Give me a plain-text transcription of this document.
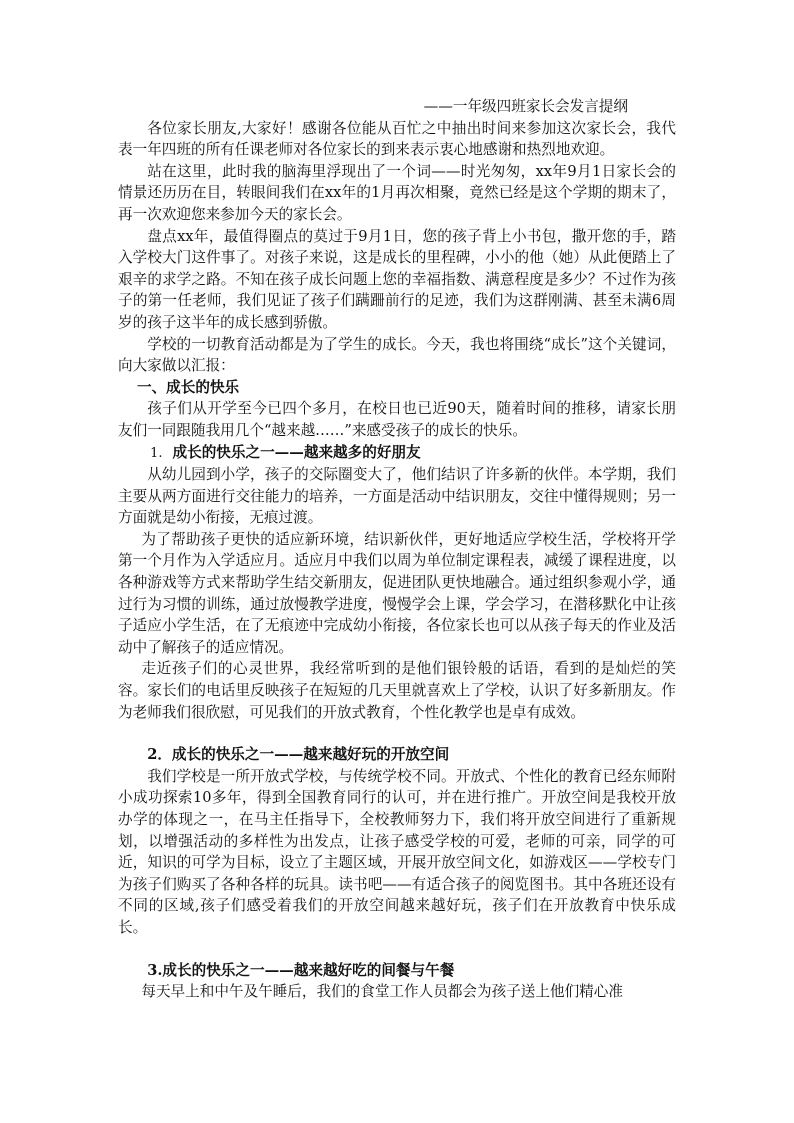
——一年级四班家长会发言提纲

各位家长朋友,大家好！感谢各位能从百忙之中抽出时间来参加这次家长会，我代表一年四班的所有任课老师对各位家长的到来表示衷心地感谢和热烈地欢迎。

站在这里，此时我的脑海里浮现出了一个词——时光匆匆，xx年9月1日家长会的情景还历历在目，转眼间我们在xx年的1月再次相聚，竟然已经是这个学期的期末了，再一次欢迎您来参加今天的家长会。

盘点xx年，最值得圈点的莫过于9月1日，您的孩子背上小书包，撒开您的手，踏入学校大门这件事了。对孩子来说，这是成长的里程碑，小小的他（她）从此便踏上了艰辛的求学之路。不知在孩子成长问题上您的幸福指数、满意程度是多少？不过作为孩子的第一任老师，我们见证了孩子们蹒跚前行的足迹，我们为这群刚满、甚至未满6周岁的孩子这半年的成长感到骄傲。

学校的一切教育活动都是为了学生的成长。今天，我也将围绕“成长”这个关键词，向大家做以汇报：

一、成长的快乐

孩子们从开学至今已四个多月，在校日也已近90天，随着时间的推移，请家长朋友们一同跟随我用几个“越来越……”来感受孩子的成长的快乐。

1. 成长的快乐之一——越来越多的好朋友

从幼儿园到小学，孩子的交际圈变大了，他们结识了许多新的伙伴。本学期，我们主要从两方面进行交往能力的培养，一方面是活动中结识朋友，交往中懂得规则；另一方面就是幼小衔接，无痕过渡。

为了帮助孩子更快的适应新环境，结识新伙伴，更好地适应学校生活，学校将开学第一个月作为入学适应月。适应月中我们以周为单位制定课程表，减缓了课程进度，以各种游戏等方式来帮助学生结交新朋友，促进团队更快地融合。通过组织参观小学，通过行为习惯的训练，通过放慢教学进度，慢慢学会上课，学会学习，在潜移默化中让孩子适应小学生活，在了无痕迹中完成幼小衔接，各位家长也可以从孩子每天的作业及活动中了解孩子的适应情况。

走近孩子们的心灵世界，我经常听到的是他们银铃般的话语，看到的是灿烂的笑容。家长们的电话里反映孩子在短短的几天里就喜欢上了学校，认识了好多新朋友。作为老师我们很欣慰，可见我们的开放式教育，个性化教学也是卓有成效。

2．成长的快乐之一——越来越好玩的开放空间

我们学校是一所开放式学校，与传统学校不同。开放式、个性化的教育已经东师附小成功探索10多年，得到全国教育同行的认可，并在进行推广。开放空间是我校开放办学的体现之一，在马主任指导下，全校教师努力下，我们将开放空间进行了重新规划，以增强活动的多样性为出发点，让孩子感受学校的可爱，老师的可亲，同学的可近，知识的可学为目标，设立了主题区域，开展开放空间文化，如游戏区——学校专门为孩子们购买了各种各样的玩具。读书吧——有适合孩子的阅览图书。其中各班还设有不同的区域,孩子们感受着我们的开放空间越来越好玩，孩子们在开放教育中快乐成长。

3.成长的快乐之一——越来越好吃的间餐与午餐

每天早上和中午及午睡后，我们的食堂工作人员都会为孩子送上他们精心准
